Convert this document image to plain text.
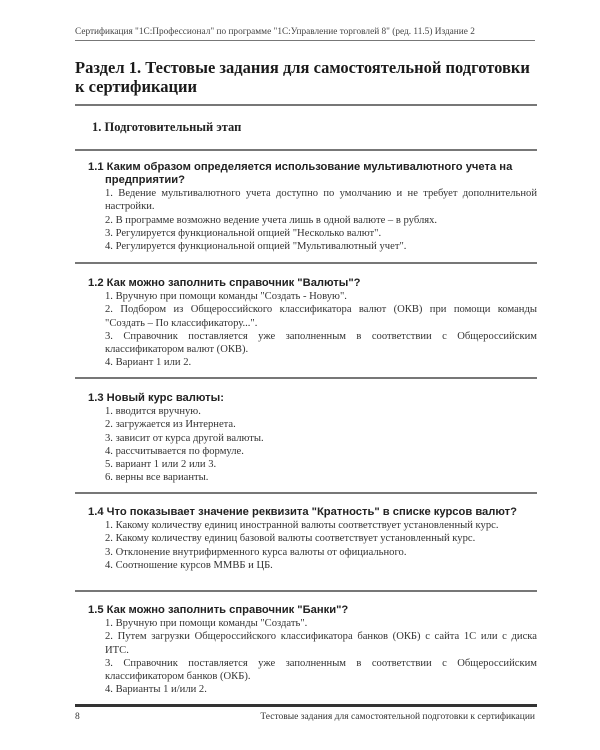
Сертификация "1С:Профессионал" по программе "1С:Управление торговлей 8" (ред. 11.5) Издание 2
Раздел 1. Тестовые задания для самостоятельной подготовки к сертификации
1. Подготовительный этап
1.1 Каким образом определяется использование мультивалютного учета на
предприятии?
1. Ведение мультивалютного учета доступно по умолчанию и не требует дополнительной настройки.
2. В программе возможно ведение учета лишь в одной валюте – в рублях.
3. Регулируется функциональной опцией "Несколько валют".
4. Регулируется функциональной опцией "Мультивалютный учет".
1.2 Как можно заполнить справочник "Валюты"?
1. Вручную при помощи команды "Создать - Новую".
2. Подбором из Общероссийского классификатора валют (ОКВ) при помощи команды "Создать – По классификатору...".
3. Справочник поставляется уже заполненным в соответствии с Общероссийским классификатором валют (ОКВ).
4. Вариант 1 или 2.
1.3 Новый курс валюты:
1. вводится вручную.
2. загружается из Интернета.
3. зависит от курса другой валюты.
4. рассчитывается по формуле.
5. вариант 1 или 2 или 3.
6. верны все варианты.
1.4 Что показывает значение реквизита "Кратность" в списке курсов валют?
1. Какому количеству единиц иностранной валюты соответствует установленный курс.
2. Какому количеству единиц базовой валюты соответствует установленный курс.
3. Отклонение внутрифирменного курса валюты от официального.
4. Соотношение курсов ММВБ и ЦБ.
1.5 Как можно заполнить справочник "Банки"?
1. Вручную при помощи команды "Создать".
2. Путем загрузки Общероссийского классификатора банков (ОКБ) с сайта 1С или с диска ИТС.
3. Справочник поставляется уже заполненным в соответствии с Общероссийским классификатором банков (ОКБ).
4. Варианты 1 и/или 2.
8	Тестовые задания для самостоятельной подготовки к сертификации
